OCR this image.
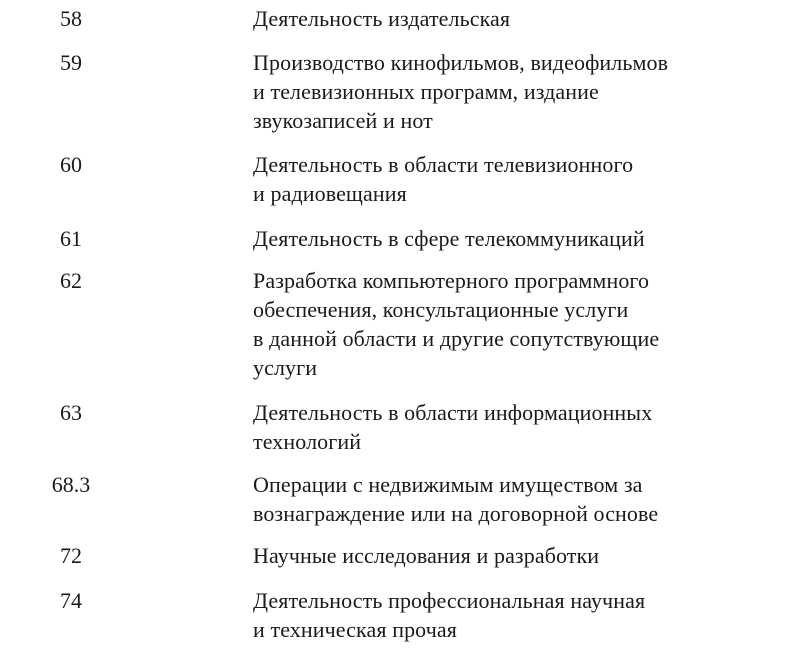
58	Деятельность издательская
59	Производство кинофильмов, видеофильмов
и телевизионных программ, издание
звукозаписей и нот
60	Деятельность в области телевизионного
и радиовещания
61	Деятельность в сфере телекоммуникаций
62	Разработка компьютерного программного
обеспечения, консультационные услуги
в данной области и другие сопутствующие
услуги
63	Деятельность в области информационных
технологий
68.3	Операции с недвижимым имуществом за
вознаграждение или на договорной основе
72	Научные исследования и разработки
74	Деятельность профессиональная научная
и техническая прочая
